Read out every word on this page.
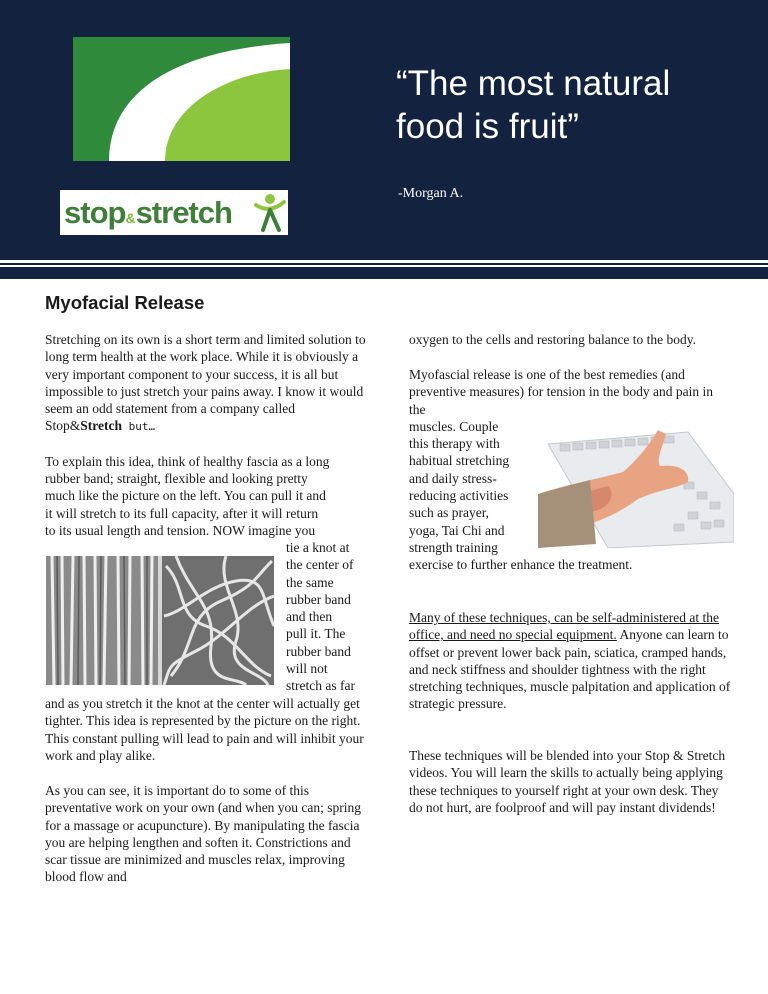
stop&stretch
“The most natural food is fruit”
-Morgan A.
Myofacial Release

Stretching on its own is a short term and limited solution to long term health at the work place. While it is obviously a very important component to your success, it is all but impossible to just stretch your pains away. I know it would seem an odd statement from a company called Stop&Stretch but…

To explain this idea, think of healthy fascia as a long
rubber band; straight, flexible and looking pretty
much like the picture on the left. You can pull it and
it will stretch to its full capacity, after it will return
to its usual length and tension. NOW imagine you
tie a knot at
the center of
the same
rubber band
and then
pull it. The
rubber band
will not
stretch as far

and as you stretch it the knot at the center will actually get tighter. This idea is represented by the picture on the right. This constant pulling will lead to pain and will inhibit your work and play alike.

As you can see, it is important do to some of this preventative work on your own (and when you can; spring for a massage or acupuncture). By manipulating the fascia you are helping lengthen and soften it. Constrictions and scar tissue are minimized and muscles relax, improving blood flow and

oxygen to the cells and restoring balance to the body.

Myofascial release is one of the best remedies (and preventive measures) for tension in the body and pain in the

muscles. Couple
this therapy with
habitual stretching
and daily stress-
reducing activities
such as prayer,
yoga, Tai Chi and
strength training

exercise to further enhance the treatment.

Many of these techniques, can be self-administered at the office, and need no special equipment. Anyone can learn to offset or prevent lower back pain, sciatica, cramped hands, and neck stiffness and shoulder tightness with the right stretching techniques, muscle palpitation and application of strategic pressure.

These techniques will be blended into your Stop & Stretch videos. You will learn the skills to actually being applying these techniques to yourself right at your own desk. They do not hurt, are foolproof and will pay instant dividends!
